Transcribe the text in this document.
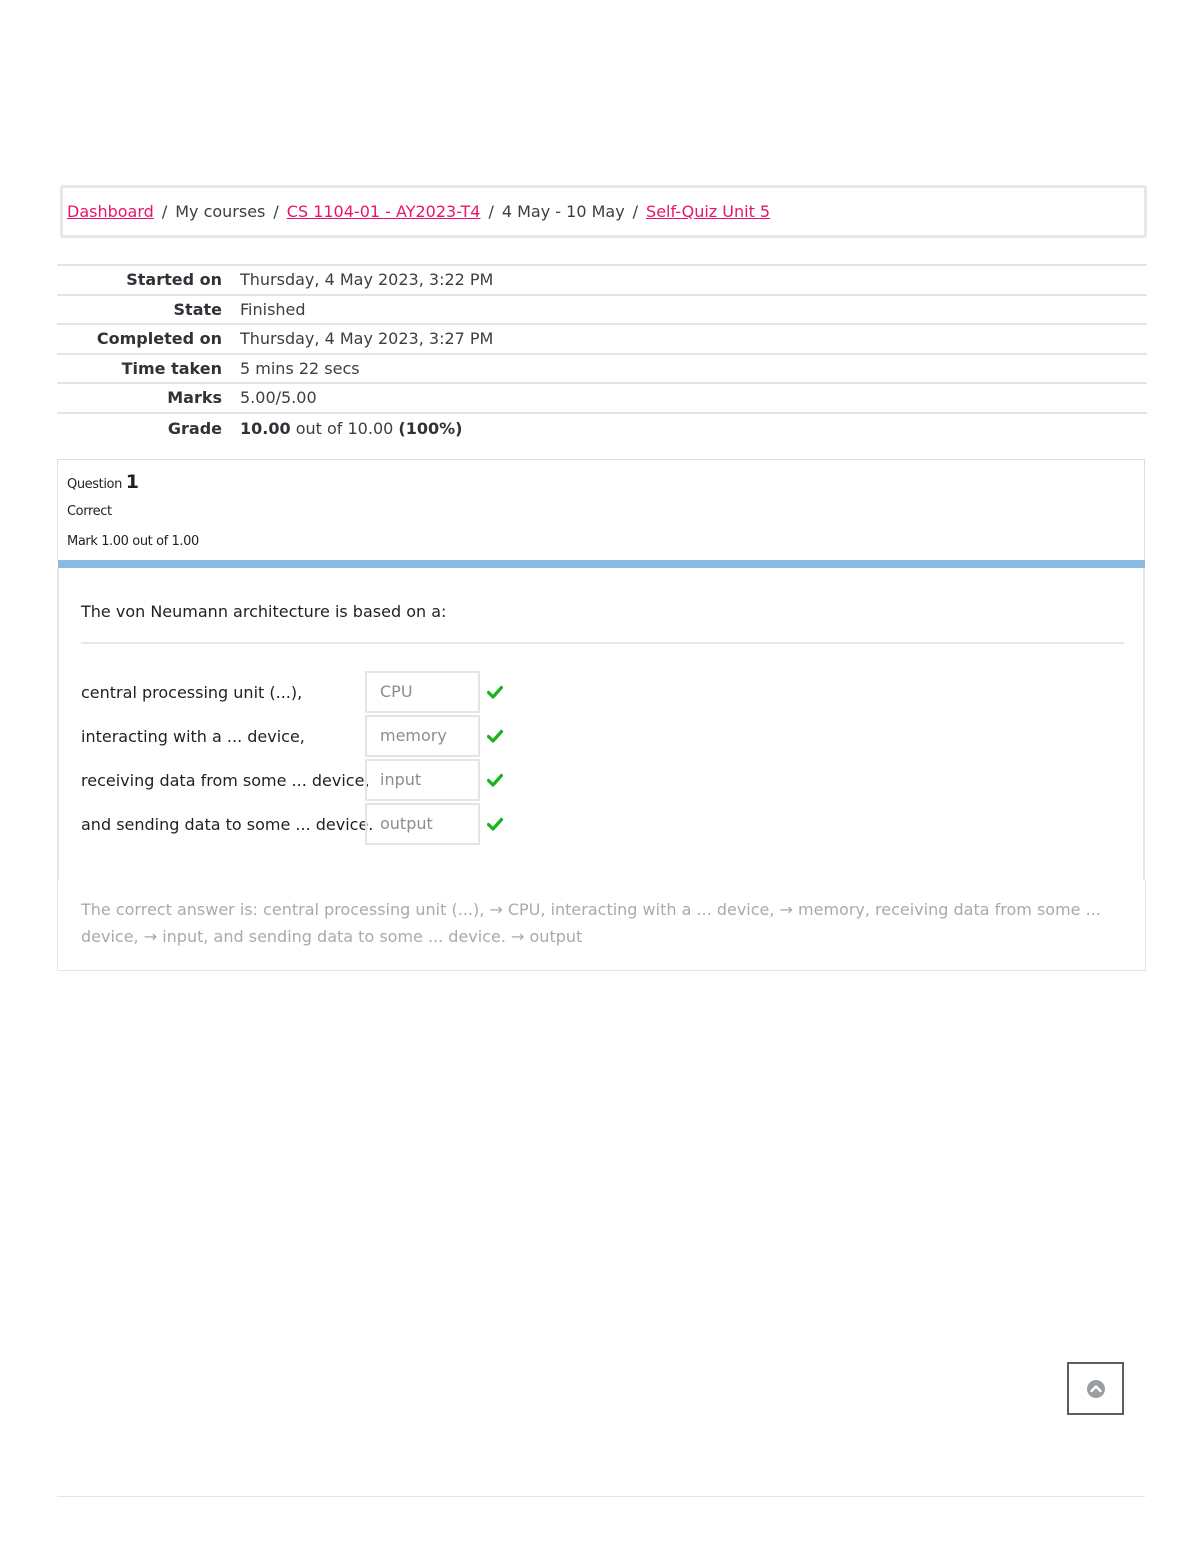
Dashboard / My courses / CS 1104-01 - AY2023-T4 / 4 May - 10 May / Self-Quiz Unit 5
Started on	Thursday, 4 May 2023, 3:22 PM
State	Finished
Completed on	Thursday, 4 May 2023, 3:27 PM
Time taken	5 mins 22 secs
Marks	5.00/5.00
Grade	10.00 out of 10.00 (100%)
Question 1
Correct
Mark 1.00 out of 1.00
The von Neumann architecture is based on a:
central processing unit (...),	CPU
interacting with a ... device,	memory
receiving data from some ... device, input
and sending data to some ... device. output
The correct answer is: central processing unit (...), → CPU, interacting with a ... device, → memory, receiving data from some ... device, → input, and sending data to some ... device. → output
